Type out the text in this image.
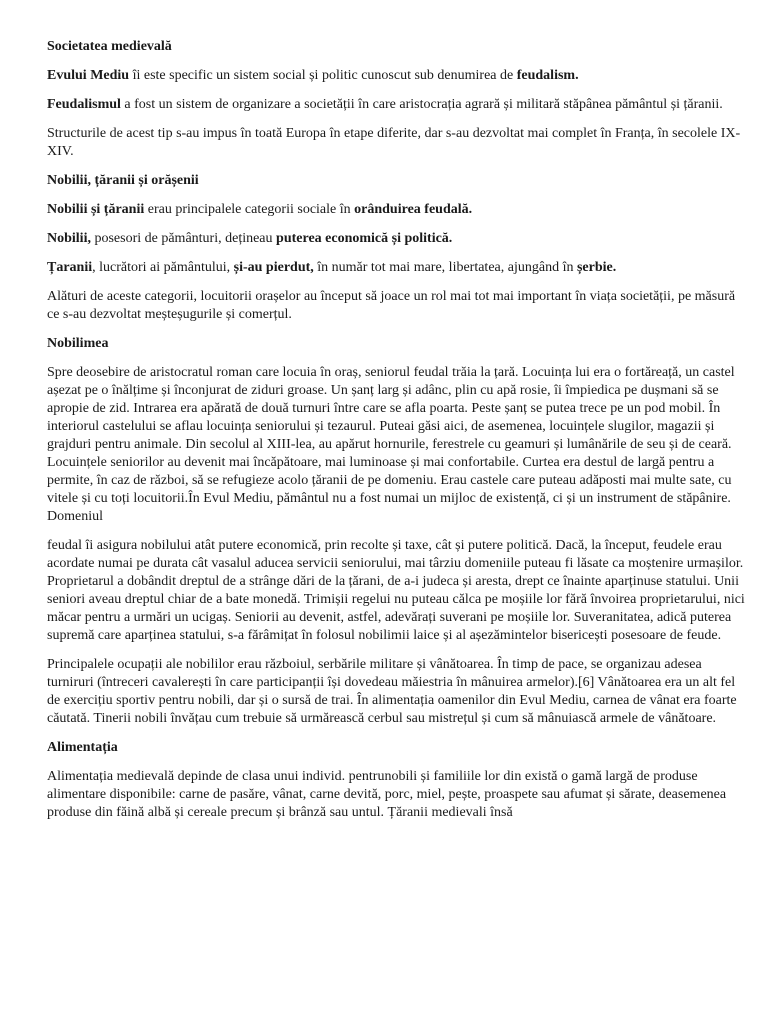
Societatea medievală

Evului Mediu îi este specific un sistem social și politic cunoscut sub denumirea de feudalism.

Feudalismul a fost un sistem de organizare a societății în care aristocrația agrară și militară stăpânea pământul și țăranii.

Structurile de acest tip s-au impus în toată Europa în etape diferite, dar s-au dezvoltat mai complet în Franța, în secolele IX-XIV.

Nobilii, țăranii și orășenii

Nobilii și țăranii erau principalele categorii sociale în orânduirea feudală.

Nobilii, posesori de pământuri, dețineau puterea economică și politică.

Țaranii, lucrători ai pământului, și-au pierdut, în număr tot mai mare, libertatea, ajungând în șerbie.

Alături de aceste categorii, locuitorii orașelor au început să joace un rol mai tot mai important în viața societății, pe măsură ce s-au dezvoltat meșteșugurile și comerțul.

Nobilimea

Spre deosebire de aristocratul roman care locuia în oraș, seniorul feudal trăia la țară. Locuința lui era o fortăreață, un castel așezat pe o înălțime și înconjurat de ziduri groase. Un șanț larg și adânc, plin cu apă rosie, îi împiedica pe dușmani să se apropie de zid. Intrarea era apărată de două turnuri între care se afla poarta. Peste șanț se putea trece pe un pod mobil. În interiorul castelului se aflau locuința seniorului și tezaurul. Puteai găsi aici, de asemenea, locuințele slugilor, magazii și grajduri pentru animale. Din secolul al XIII-lea, au apărut hornurile, ferestrele cu geamuri și lumânările de seu și de ceară. Locuințele seniorilor au devenit mai încăpătoare, mai luminoase și mai confortabile. Curtea era destul de largă pentru a permite, în caz de război, să se refugieze acolo țăranii de pe domeniu. Erau castele care puteau adăposti mai multe sate, cu vitele și cu toți locuitorii.În Evul Mediu, pământul nu a fost numai un mijloc de existență, ci și un instrument de stăpânire. Domeniul

feudal îi asigura nobilului atât putere economică, prin recolte și taxe, cât și putere politică. Dacă, la început, feudele erau acordate numai pe durata cât vasalul aducea servicii seniorului, mai târziu domeniile puteau fi lăsate ca moștenire urmașilor. Proprietarul a dobândit dreptul de a strânge dări de la țărani, de a-i judeca și aresta, drept ce înainte aparținuse statului. Unii seniori aveau dreptul chiar de a bate monedă. Trimișii regelui nu puteau călca pe moșiile lor fără învoirea proprietarului, nici măcar pentru a urmări un ucigaș. Seniorii au devenit, astfel, adevărați suverani pe moșiile lor. Suveranitatea, adică puterea supremă care aparținea statului, s-a fărâmițat în folosul nobilimii laice și al așezămintelor bisericești posesoare de feude.

Principalele ocupații ale nobililor erau războiul, serbările militare și vânătoarea. În timp de pace, se organizau adesea turniruri (întreceri cavalerești în care participanții își dovedeau măiestria în mânuirea armelor).[6] Vânătoarea era un alt fel de exercițiu sportiv pentru nobili, dar și o sursă de trai. În alimentația oamenilor din Evul Mediu, carnea de vânat era foarte căutată. Tinerii nobili învățau cum trebuie să urmărească cerbul sau mistrețul și cum să mânuiască armele de vânătoare.

Alimentația

Alimentația medievală depinde de clasa unui individ. pentrunobili și familiile lor din există o gamă largă de produse alimentare disponibile: carne de pasăre, vânat, carne devită, porc, miel, pește, proaspete sau afumat și sărate, deasemenea produse din făină albă și cereale precum și brânză sau untul. Țăranii medievali însă
